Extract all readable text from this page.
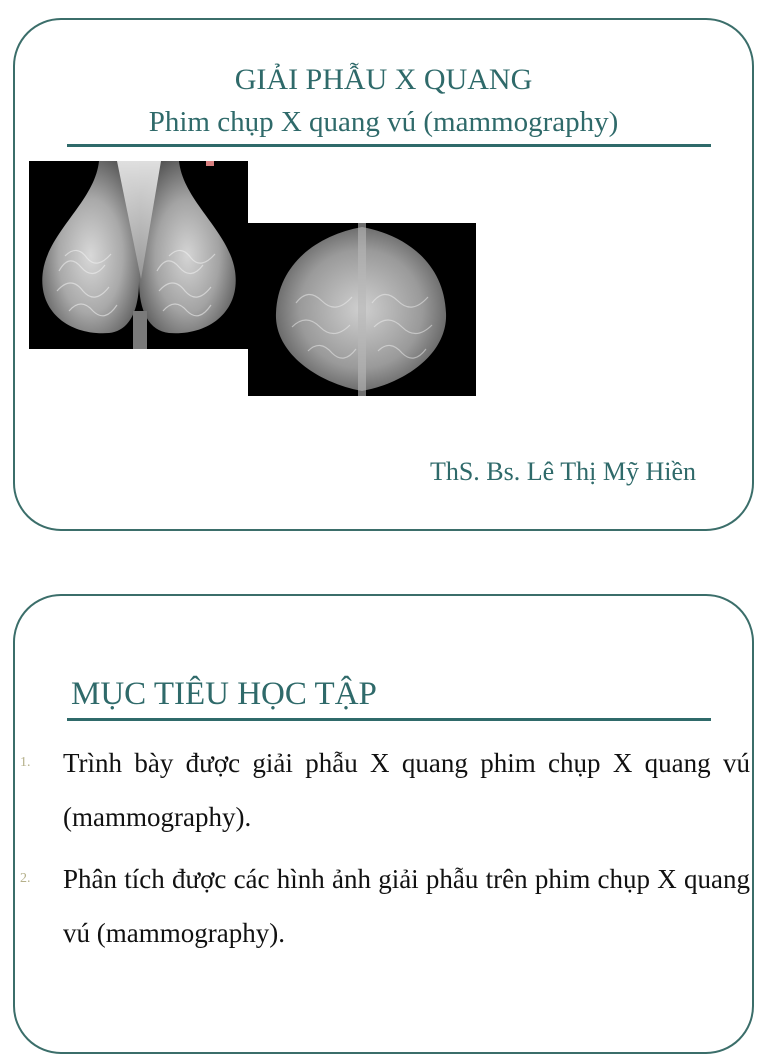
GIẢI PHẪU X QUANG

Phim chụp X quang vú (mammography)

ThS. Bs. Lê Thị Mỹ Hiền

MỤC TIÊU HỌC TẬP
1. Trình bày được giải phẫu X quang phim chụp X quang vú (mammography).
2. Phân tích được các hình ảnh giải phẫu trên phim chụp X quang vú (mammography).
